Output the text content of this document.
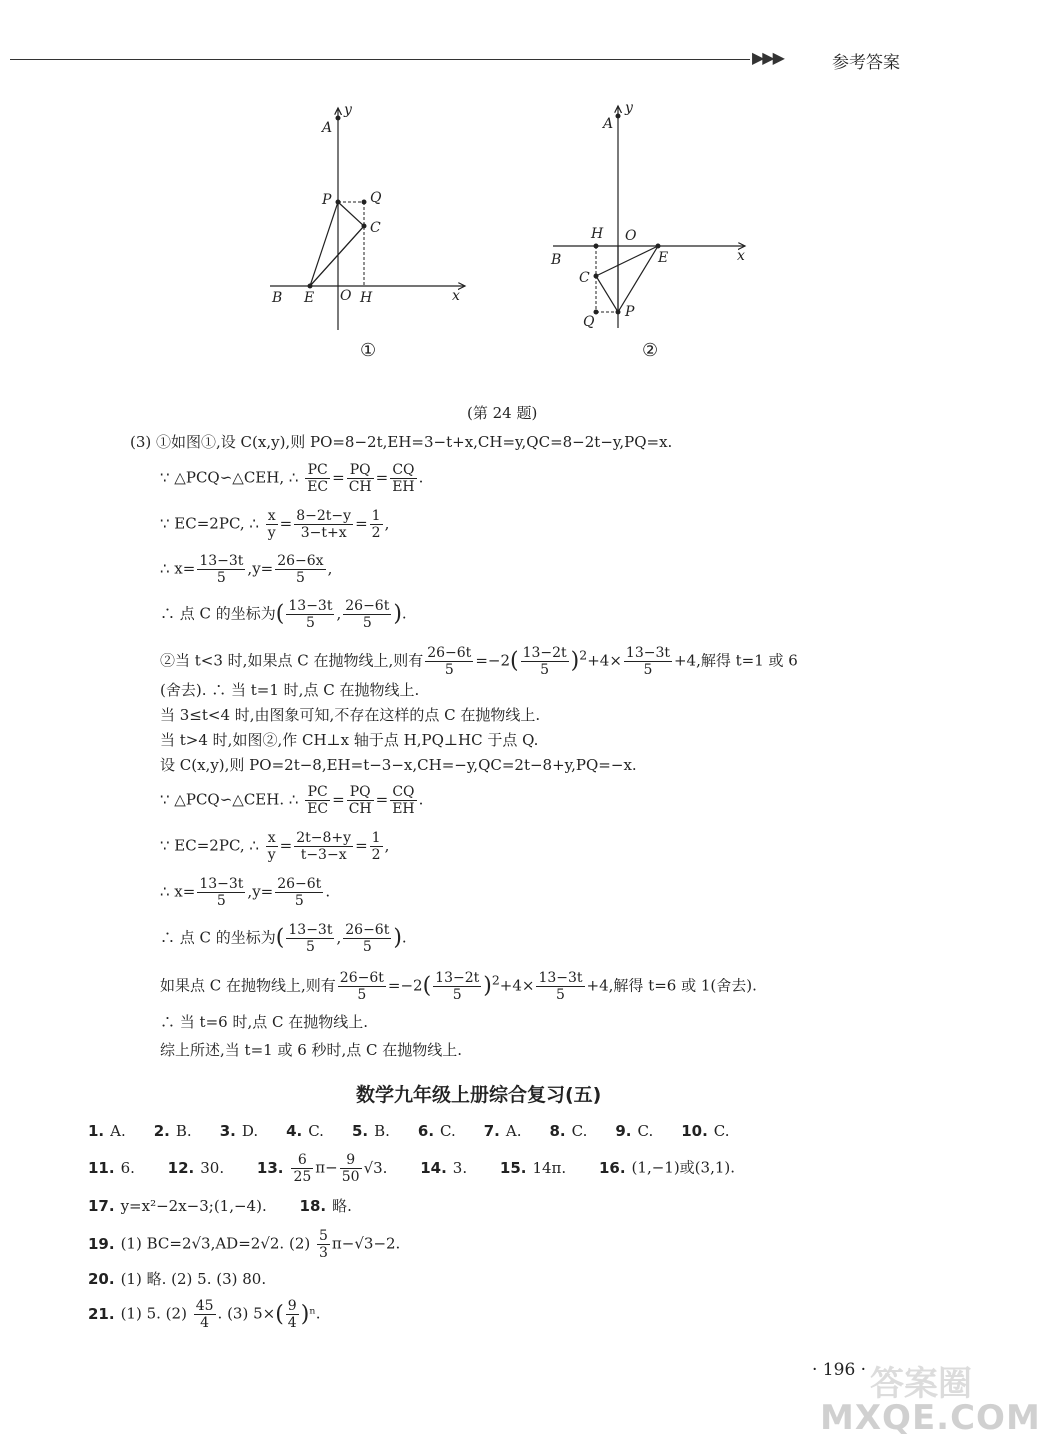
▶▶▶	参考答案
A
y
P	Q
C
B E O H	x
①
A
y
H O
B	E	x
C
Q
P
②
(第 24 题)
(3) ①如图①,设 C(x,y),则 PO=8−2t,EH=3−t+x,CH=y,QC=8−2t−y,PQ=x.
∵ △PCQ∽△CEH, ∴ $\frac{PC}{EC} = \frac{PQ}{CH} = \frac{CQ}{EH}$ .
∵ EC=2PC, ∴ $\frac{x}{y} = \frac{8-2t-y}{3-t+x} = \frac{1}{2}$ ,
∴ $x= \frac{13-3t}{5} ,y= \frac{26-6x}{5}$ ,
∴ 点 C 的坐标为( $\frac{13-3t}{5}$ , $\frac{26-6t}{5}$ ).
②当 t<3 时,如果点 C 在抛物线上,则有 $\frac{26-6t}{5} =-2( \frac{13-2t}{5} )^2+4\times \frac{13-3t}{5} +4$,解得 t=1 或 6
(舍去). ∴ 当 t=1 时,点 C 在抛物线上.
当 3≤t<4 时,由图象可知,不存在这样的点 C 在抛物线上.
当 t>4 时,如图②,作 CH⊥x 轴于点 H,PQ⊥HC 于点 Q.
设 C(x,y),则 PO=2t−8,EH=t−3−x,CH=−y,QC=2t−8+y,PQ=−x.
∵ △PCQ∽△CEH. ∴ $\frac{PC}{EC} = \frac{PQ}{CH} = \frac{CQ}{EH}$ .
∵ EC=2PC, ∴ $\frac{x}{y} = \frac{2t-8+y}{t-3-x} = \frac{1}{2}$ ,
∴ $x= \frac{13-3t}{5} ,y= \frac{26-6t}{5}$ .
∴ 点 C 的坐标为( $\frac{13-3t}{5}$ , $\frac{26-6t}{5}$ ).
如果点 C 在抛物线上,则有 $\frac{26-6t}{5} =-2( \frac{13-2t}{5} )^2+4\times \frac{13-3t}{5} +4$,解得 t=6 或 1(舍去).
∴ 当 t=6 时,点 C 在抛物线上.
综上所述,当 t=1 或 6 秒时,点 C 在抛物线上.
数学九年级上册综合复习(五)
1. A. 2. B. 3. D. 4. C. 5. B. 6. C. 7. A. 8. C. 9. C. 10. C.
11. 6. 12. 30. 13. $\frac{6}{25} \pi- \frac{9}{50} √3$. 14. 3. 15. 14π. 16. (1,−1)或(3,1).
17. y=x²−2x−3;(1,−4). 18. 略.
19. (1) BC=2√3,AD=2√2. $(2) \frac{5}{3} \pi-√3-2$.
20. (1) 略. (2) 5. (3) 80.
21. (1) 5. $(2) \frac{45}{4}$ . (3) $5\times( \frac{9}{4} )^n$.
· 196 · 答案圈
MXQE.COM
